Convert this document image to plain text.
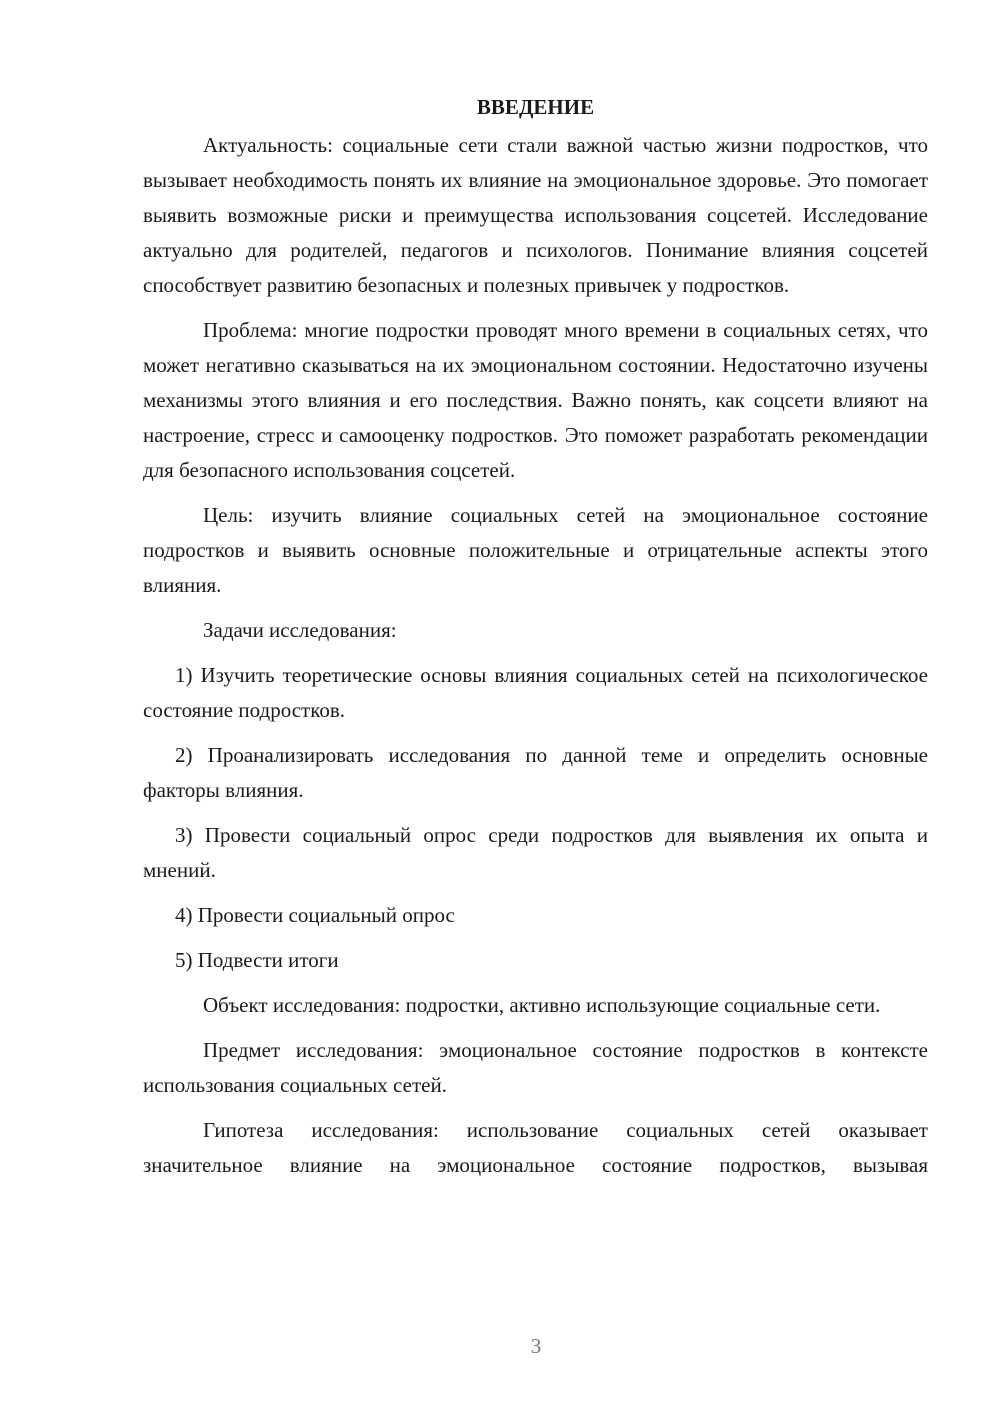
ВВЕДЕНИЕ
Актуальность: социальные сети стали важной частью жизни подростков, что вызывает необходимость понять их влияние на эмоциональное здоровье. Это помогает выявить возможные риски и преимущества использования соцсетей. Исследование актуально для родителей, педагогов и психологов. Понимание влияния соцсетей способствует развитию безопасных и полезных привычек у подростков.
Проблема: многие подростки проводят много времени в социальных сетях, что может негативно сказываться на их эмоциональном состоянии. Недостаточно изучены механизмы этого влияния и его последствия. Важно понять, как соцсети влияют на настроение, стресс и самооценку подростков. Это поможет разработать рекомендации для безопасного использования соцсетей.
Цель: изучить влияние социальных сетей на эмоциональное состояние подростков и выявить основные положительные и отрицательные аспекты этого влияния.
Задачи исследования:
1) Изучить теоретические основы влияния социальных сетей на психологическое состояние подростков.
2) Проанализировать исследования по данной теме и определить основные факторы влияния.
3) Провести социальный опрос среди подростков для выявления их опыта и мнений.
4) Провести социальный опрос
5) Подвести итоги
Объект исследования: подростки, активно использующие социальные сети.
Предмет исследования: эмоциональное состояние подростков в контексте использования социальных сетей.
Гипотеза исследования: использование социальных сетей оказывает значительное влияние на эмоциональное состояние подростков, вызывая
3
